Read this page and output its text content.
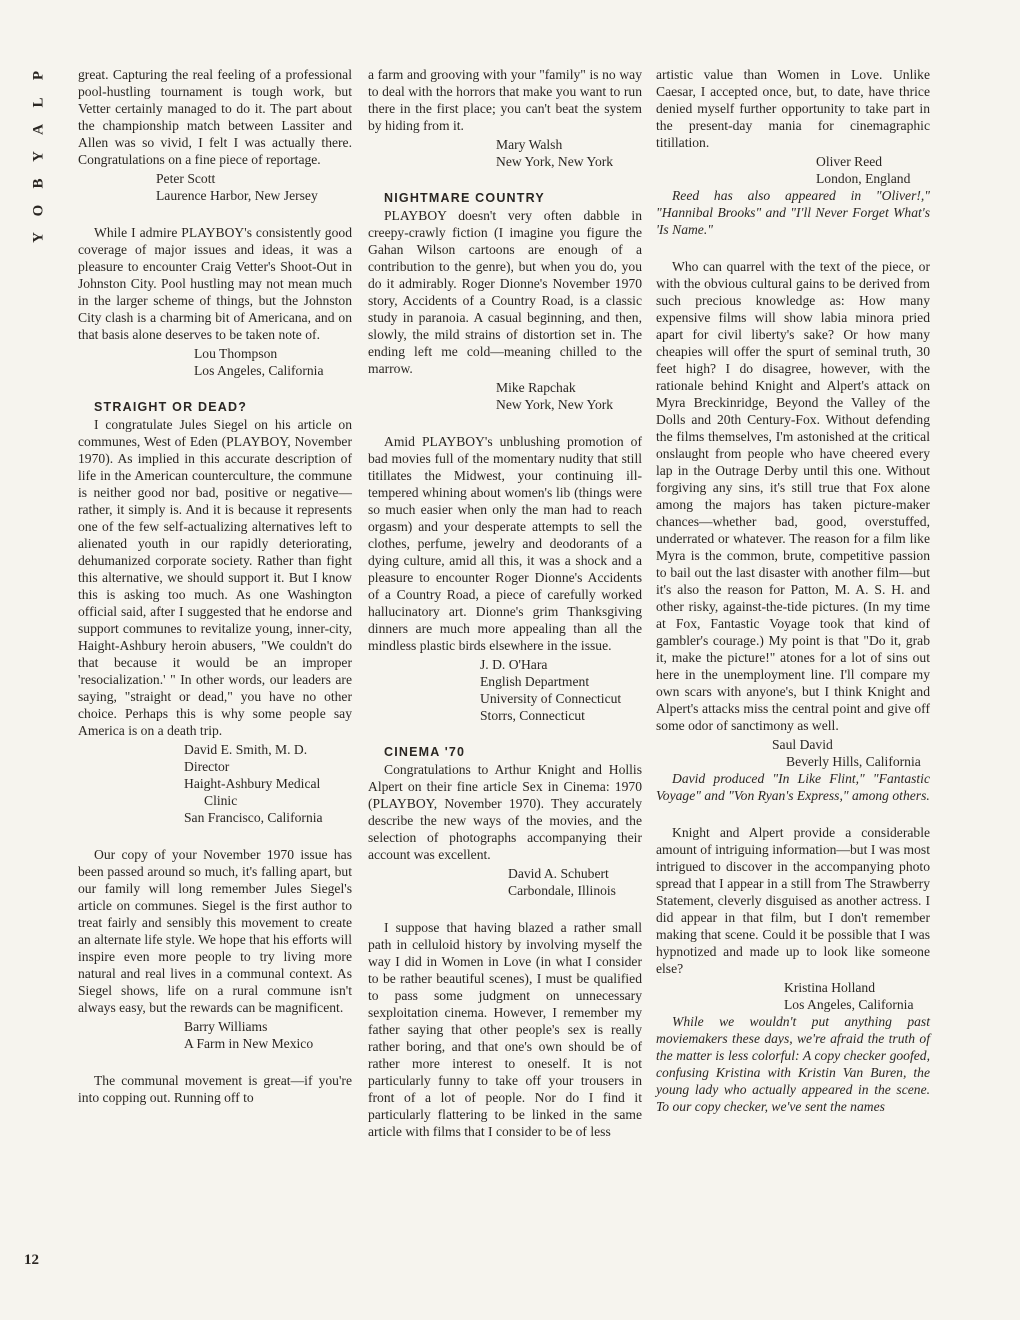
P
L
A
Y
B
O
Y
12

great. Capturing the real feeling of a professional pool-hustling tournament is tough work, but Vetter certainly managed to do it. The part about the championship match between Lassiter and Allen was so vivid, I felt I was actually there. Congratulations on a fine piece of reportage.

Peter Scott
Laurence Harbor, New Jersey

While I admire PLAYBOY's consistently good coverage of major issues and ideas, it was a pleasure to encounter Craig Vetter's Shoot-Out in Johnston City. Pool hustling may not mean much in the larger scheme of things, but the Johnston City clash is a charming bit of Americana, and on that basis alone deserves to be taken note of.

Lou Thompson
Los Angeles, California

STRAIGHT OR DEAD?

I congratulate Jules Siegel on his article on communes, West of Eden (PLAYBOY, November 1970). As implied in this accurate description of life in the American counterculture, the commune is neither good nor bad, positive or negative—rather, it simply is. And it is because it represents one of the few self-actualizing alternatives left to alienated youth in our rapidly deteriorating, dehumanized corporate society. Rather than fight this alternative, we should support it. But I know this is asking too much. As one Washington official said, after I suggested that he endorse and support communes to revitalize young, inner-city, Haight-Ashbury heroin abusers, "We couldn't do that because it would be an improper 'resocialization.' " In other words, our leaders are saying, "straight or dead," you have no other choice. Perhaps this is why some people say America is on a death trip.

David E. Smith, M. D.
Director
Haight-Ashbury Medical
Clinic
San Francisco, California

Our copy of your November 1970 issue has been passed around so much, it's falling apart, but our family will long remember Jules Siegel's article on communes. Siegel is the first author to treat fairly and sensibly this movement to create an alternate life style. We hope that his efforts will inspire even more people to try living more natural and real lives in a communal context. As Siegel shows, life on a rural commune isn't always easy, but the rewards can be magnificent.

Barry Williams
A Farm in New Mexico

The communal movement is great—if you're into copping out. Running off to

a farm and grooving with your "family" is no way to deal with the horrors that make you want to run there in the first place; you can't beat the system by hiding from it.

Mary Walsh
New York, New York

NIGHTMARE COUNTRY

PLAYBOY doesn't very often dabble in creepy-crawly fiction (I imagine you figure the Gahan Wilson cartoons are enough of a contribution to the genre), but when you do, you do it admirably. Roger Dionne's November 1970 story, Accidents of a Country Road, is a classic study in paranoia. A casual beginning, and then, slowly, the mild strains of distortion set in. The ending left me cold—meaning chilled to the marrow.

Mike Rapchak
New York, New York

Amid PLAYBOY's unblushing promotion of bad movies full of the momentary nudity that still titillates the Midwest, your continuing ill-tempered whining about women's lib (things were so much easier when only the man had to reach orgasm) and your desperate attempts to sell the clothes, perfume, jewelry and deodorants of a dying culture, amid all this, it was a shock and a pleasure to encounter Roger Dionne's Accidents of a Country Road, a piece of carefully worked hallucinatory art. Dionne's grim Thanksgiving dinners are much more appealing than all the mindless plastic birds elsewhere in the issue.

J. D. O'Hara
English Department
University of Connecticut
Storrs, Connecticut

CINEMA '70

Congratulations to Arthur Knight and Hollis Alpert on their fine article Sex in Cinema: 1970 (PLAYBOY, November 1970). They accurately describe the new ways of the movies, and the selection of photographs accompanying their account was excellent.

David A. Schubert
Carbondale, Illinois

I suppose that having blazed a rather small path in celluloid history by involving myself the way I did in Women in Love (in what I consider to be rather beautiful scenes), I must be qualified to pass some judgment on unnecessary sexploitation cinema. However, I remember my father saying that other people's sex is really rather boring, and that one's own should be of rather more interest to oneself. It is not particularly funny to take off your trousers in front of a lot of people. Nor do I find it particularly flattering to be linked in the same article with films that I consider to be of less

artistic value than Women in Love. Unlike Caesar, I accepted once, but, to date, have thrice denied myself further opportunity to take part in the present-day mania for cinemagraphic titillation.

Oliver Reed
London, England

Reed has also appeared in "Oliver!," "Hannibal Brooks" and "I'll Never Forget What's 'Is Name."

Who can quarrel with the text of the piece, or with the obvious cultural gains to be derived from such precious knowledge as: How many expensive films will show labia minora pried apart for civil liberty's sake? Or how many cheapies will offer the spurt of seminal truth, 30 feet high? I do disagree, however, with the rationale behind Knight and Alpert's attack on Myra Breckinridge, Beyond the Valley of the Dolls and 20th Century-Fox. Without defending the films themselves, I'm astonished at the critical onslaught from people who have cheered every lap in the Outrage Derby until this one. Without forgiving any sins, it's still true that Fox alone among the majors has taken picture-maker chances—whether bad, good, overstuffed, underrated or whatever. The reason for a film like Myra is the common, brute, competitive passion to bail out the last disaster with another film—but it's also the reason for Patton, M. A. S. H. and other risky, against-the-tide pictures. (In my time at Fox, Fantastic Voyage took that kind of gambler's courage.) My point is that "Do it, grab it, make the picture!" atones for a lot of sins out here in the unemployment line. I'll compare my own scars with anyone's, but I think Knight and Alpert's attacks miss the central point and give off some odor of sanctimony as well.

Saul David
Beverly Hills, California

David produced "In Like Flint," "Fantastic Voyage" and "Von Ryan's Express," among others.

Knight and Alpert provide a considerable amount of intriguing information—but I was most intrigued to discover in the accompanying photo spread that I appear in a still from The Strawberry Statement, cleverly disguised as another actress. I did appear in that film, but I don't remember making that scene. Could it be possible that I was hypnotized and made up to look like someone else?

Kristina Holland
Los Angeles, California

While we wouldn't put anything past moviemakers these days, we're afraid the truth of the matter is less colorful: A copy checker goofed, confusing Kristina with Kristin Van Buren, the young lady who actually appeared in the scene. To our copy checker, we've sent the names
